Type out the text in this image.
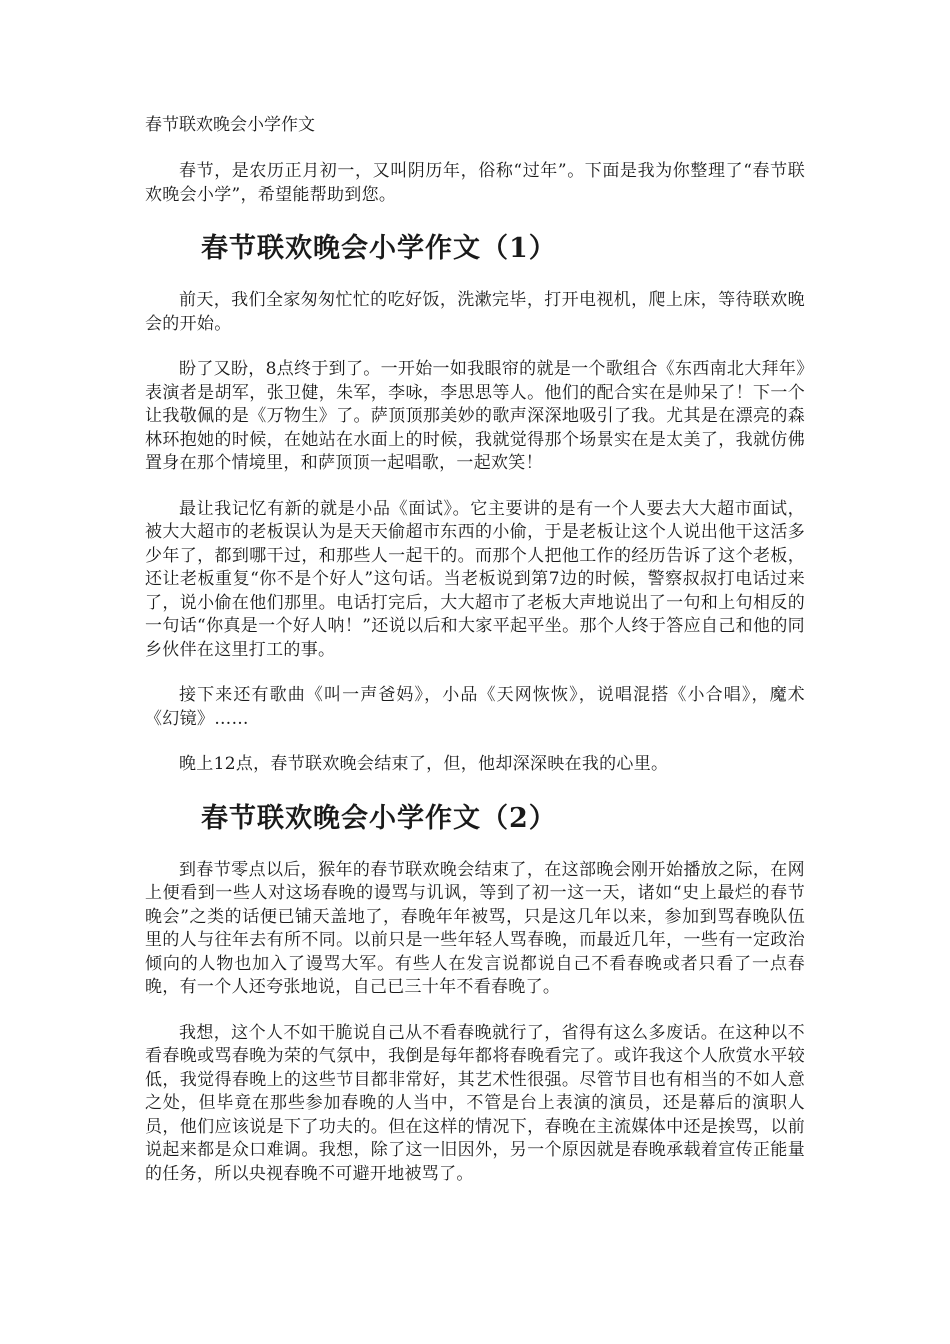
春节联欢晚会小学作文

春节，是农历正月初一，又叫阴历年，俗称“过年”。下面是我为你整理了“春节联欢晚会小学”，希望能帮助到您。

春节联欢晚会小学作文（1）

前天，我们全家匆匆忙忙的吃好饭，洗漱完毕，打开电视机，爬上床，等待联欢晚会的开始。

盼了又盼，8点终于到了。一开始一如我眼帘的就是一个歌组合《东西南北大拜年》表演者是胡军，张卫健，朱军，李咏，李思思等人。他们的配合实在是帅呆了！下一个让我敬佩的是《万物生》了。萨顶顶那美妙的歌声深深地吸引了我。尤其是在漂亮的森林环抱她的时候，在她站在水面上的时候，我就觉得那个场景实在是太美了，我就仿佛置身在那个情境里，和萨顶顶一起唱歌，一起欢笑！

最让我记忆有新的就是小品《面试》。它主要讲的是有一个人要去大大超市面试，被大大超市的老板误认为是天天偷超市东西的小偷，于是老板让这个人说出他干这活多少年了，都到哪干过，和那些人一起干的。而那个人把他工作的经历告诉了这个老板，还让老板重复“你不是个好人”这句话。当老板说到第7边的时候，警察叔叔打电话过来了，说小偷在他们那里。电话打完后，大大超市了老板大声地说出了一句和上句相反的一句话“你真是一个好人呐！”还说以后和大家平起平坐。那个人终于答应自己和他的同乡伙伴在这里打工的事。

接下来还有歌曲《叫一声爸妈》，小品《天网恢恢》，说唱混搭《小合唱》，魔术《幻镜》……

晚上12点，春节联欢晚会结束了，但，他却深深映在我的心里。

春节联欢晚会小学作文（2）

到春节零点以后，猴年的春节联欢晚会结束了，在这部晚会刚开始播放之际，在网上便看到一些人对这场春晚的谩骂与讥讽，等到了初一这一天，诸如“史上最烂的春节晚会”之类的话便已铺天盖地了，春晚年年被骂，只是这几年以来，参加到骂春晚队伍里的人与往年去有所不同。以前只是一些年轻人骂春晚，而最近几年，一些有一定政治倾向的人物也加入了谩骂大军。有些人在发言说都说自己不看春晚或者只看了一点春晚，有一个人还夸张地说，自己已三十年不看春晚了。

我想，这个人不如干脆说自己从不看春晚就行了，省得有这么多废话。在这种以不看春晚或骂春晚为荣的气氛中，我倒是每年都将春晚看完了。或许我这个人欣赏水平较低，我觉得春晚上的这些节目都非常好，其艺术性很强。尽管节目也有相当的不如人意之处，但毕竟在那些参加春晚的人当中，不管是台上表演的演员，还是幕后的演职人员，他们应该说是下了功夫的。但在这样的情况下，春晚在主流媒体中还是挨骂，以前说起来都是众口难调。我想，除了这一旧因外，另一个原因就是春晚承载着宣传正能量的任务，所以央视春晚不可避开地被骂了。
